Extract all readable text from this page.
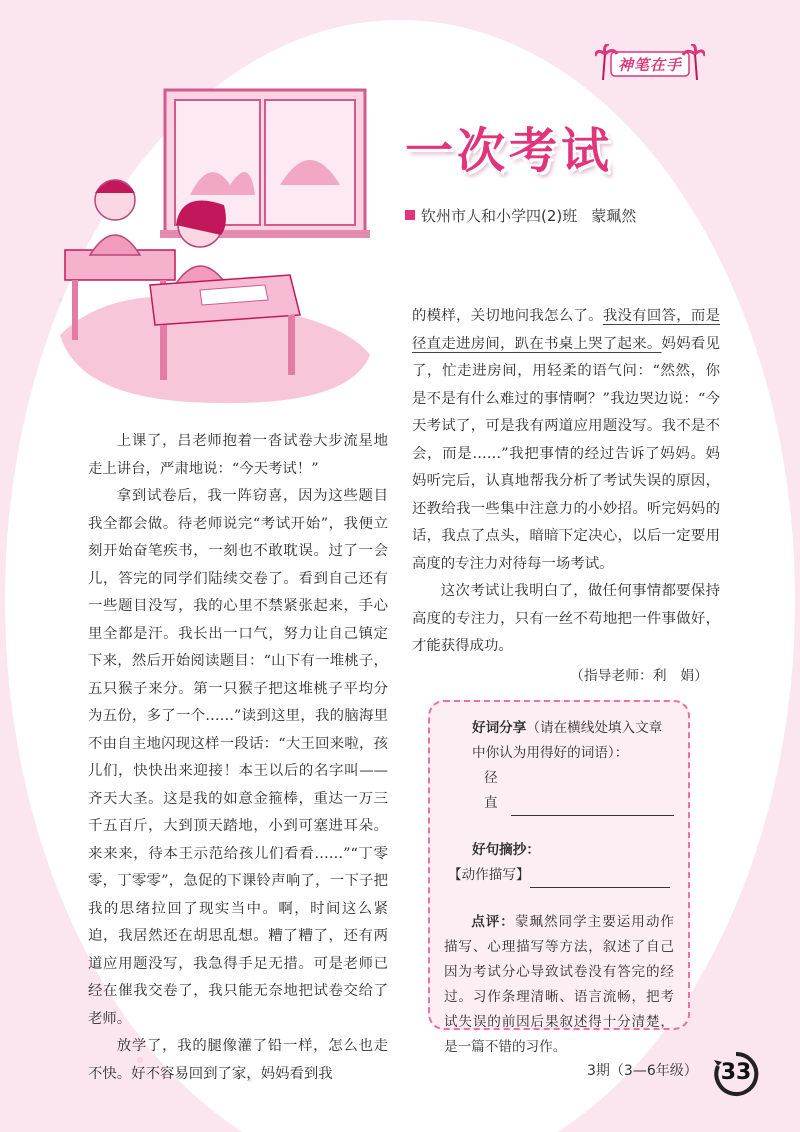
神笔在手
一次考试
钦州市人和小学四(2)班 蒙珮然

上课了，吕老师抱着一沓试卷大步流星地走上讲台，严肃地说：“今天考试！”

拿到试卷后，我一阵窃喜，因为这些题目我全都会做。待老师说完“考试开始”，我便立刻开始奋笔疾书，一刻也不敢耽误。过了一会儿，答完的同学们陆续交卷了。看到自己还有一些题目没写，我的心里不禁紧张起来，手心里全都是汗。我长出一口气，努力让自己镇定下来，然后开始阅读题目：“山下有一堆桃子，五只猴子来分。第一只猴子把这堆桃子平均分为五份，多了一个……”读到这里，我的脑海里不由自主地闪现这样一段话：“大王回来啦，孩儿们，快快出来迎接！本王以后的名字叫——齐天大圣。这是我的如意金箍棒，重达一万三千五百斤，大到顶天踏地，小到可塞进耳朵。来来来，待本王示范给孩儿们看看……”“丁零零，丁零零”，急促的下课铃声响了，一下子把我的思绪拉回了现实当中。啊，时间这么紧迫，我居然还在胡思乱想。糟了糟了，还有两道应用题没写，我急得手足无措。可是老师已经在催我交卷了，我只能无奈地把试卷交给了老师。

放学了，我的腿像灌了铅一样，怎么也走不快。好不容易回到了家，妈妈看到我

的模样，关切地问我怎么了。我没有回答，而是径直走进房间，趴在书桌上哭了起来。妈妈看见了，忙走进房间，用轻柔的语气问：“然然，你是不是有什么难过的事情啊？”我边哭边说：“今天考试了，可是我有两道应用题没写。我不是不会，而是……”我把事情的经过告诉了妈妈。妈妈听完后，认真地帮我分析了考试失误的原因，还教给我一些集中注意力的小妙招。听完妈妈的话，我点了点头，暗暗下定决心，以后一定要用高度的专注力对待每一场考试。

这次考试让我明白了，做任何事情都要保持高度的专注力，只有一丝不苟地把一件事做好，才能获得成功。

（指导老师：利　娟）
好词分享（请在横线处填入文章中你认为用得好的词语）：
径直
好句摘抄：
【动作描写】

点评：蒙珮然同学主要运用动作描写、心理描写等方法，叙述了自己因为考试分心导致试卷没有答完的经过。习作条理清晰、语言流畅，把考试失误的前因后果叙述得十分清楚，是一篇不错的习作。

3期（3—6年级）	33
